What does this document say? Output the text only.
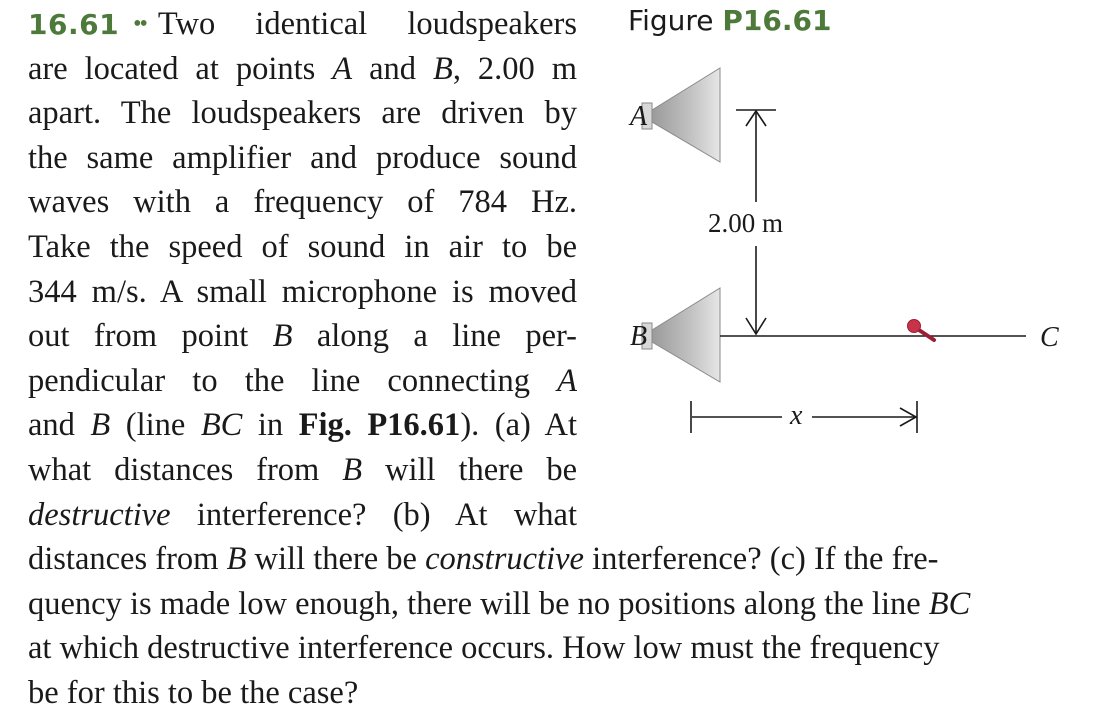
16.61 •• Two identical loudspeakers
are located at points A and B, 2.00 m
apart. The loudspeakers are driven by
the same amplifier and produce sound
waves with a frequency of 784 Hz.
Take the speed of sound in air to be
344 m/s. A small microphone is moved
out from point B along a line per-
pendicular to the line connecting A
and B (line BC in Fig. P16.61). (a) At
what distances from B will there be
destructive interference? (b) At what
distances from B will there be constructive interference? (c) If the fre-
quency is made low enough, there will be no positions along the line BC
at which destructive interference occurs. How low must the frequency
be for this to be the case?
Figure P16.61
A
B
2.00 m
C
x
